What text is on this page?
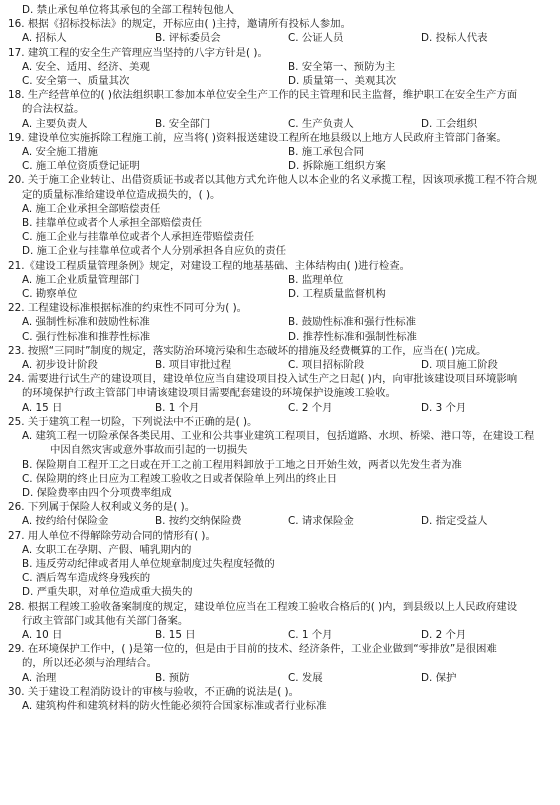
D. 禁止承包单位将其承包的全部工程转包他人
16. 根据《招标投标法》的规定，开标应由( )主持，邀请所有投标人参加。
A. 招标人	B. 评标委员会	C. 公证人员	D. 投标人代表
17. 建筑工程的安全生产管理应当坚持的八字方针是( )。
A. 安全、适用、经济、美观	B. 安全第一、预防为主
C. 安全第一、质量其次	D. 质量第一、美观其次
18. 生产经营单位的( )依法组织职工参加本单位安全生产工作的民主管理和民主监督，维护职工在安全生产方面
的合法权益。
A. 主要负责人	B. 安全部门	C. 生产负责人	D. 工会组织
19. 建设单位实施拆除工程施工前，应当将( )资料报送建设工程所在地县级以上地方人民政府主管部门备案。
A. 安全施工措施	B. 施工承包合同
C. 施工单位资质登记证明	D. 拆除施工组织方案
20. 关于施工企业转让、出借资质证书或者以其他方式允许他人以本企业的名义承揽工程，因该项承揽工程不符合规
定的质量标准给建设单位造成损失的，( )。
A. 施工企业承担全部赔偿责任
B. 挂靠单位或者个人承担全部赔偿责任
C. 施工企业与挂靠单位或者个人承担连带赔偿责任
D. 施工企业与挂靠单位或者个人分别承担各自应负的责任
21.《建设工程质量管理条例》规定，对建设工程的地基基础、主体结构由( )进行检查。
A. 施工企业质量管理部门	B. 监理单位
C. 勘察单位	D. 工程质量监督机构
22. 工程建设标准根据标准的约束性不同可分为( )。
A. 强制性标准和鼓励性标准	B. 鼓励性标准和强行性标准
C. 强行性标准和推荐性标准	D. 推荐性标准和强制性标准
23. 按照“三同时”制度的规定，落实防治环境污染和生态破坏的措施及经费概算的工作，应当在( )完成。
A. 初步设计阶段	B. 项目审批过程	C. 项目招标阶段	D. 项目施工阶段
24. 需要进行试生产的建设项目，建设单位应当自建设项目投入试生产之日起( )内，向审批该建设项目环境影响
的环境保护行政主管部门申请该建设项目需要配套建设的环境保护设施竣工验收。
A. 15 日	B. 1 个月	C. 2 个月	D. 3 个月
25. 关于建筑工程一切险，下列说法中不正确的是( )。
A. 建筑工程一切险承保各类民用、工业和公共事业建筑工程项目，包括道路、水坝、桥梁、港口等，在建设工程
中因自然灾害或意外事故而引起的一切损失
B. 保险期自工程开工之日或在开工之前工程用料卸放于工地之日开始生效，两者以先发生者为准
C. 保险期的终止日应为工程竣工验收之日或者保险单上列出的终止日
D. 保险费率由四个分项费率组成
26. 下列属于保险人权利或义务的是( )。
A. 按约给付保险金	B. 按约交纳保险费	C. 请求保险金	D. 指定受益人
27. 用人单位不得解除劳动合同的情形有( )。
A. 女职工在孕期、产假、哺乳期内的
B. 违反劳动纪律或者用人单位规章制度过失程度轻微的
C. 酒后驾车造成终身残疾的
D. 严重失职，对单位造成重大损失的
28. 根据工程竣工验收备案制度的规定，建设单位应当在工程竣工验收合格后的( )内，到县级以上人民政府建设
行政主管部门或其他有关部门备案。
A. 10 日	B. 15 日	C. 1 个月	D. 2 个月
29. 在环境保护工作中，( )是第一位的，但是由于目前的技术、经济条件，工业企业做到“零排放”是很困难
的，所以还必须与治理结合。
A. 治理	B. 预防	C. 发展	D. 保护
30. 关于建设工程消防设计的审核与验收，不正确的说法是( )。
A. 建筑构件和建筑材料的防火性能必须符合国家标准或者行业标准
